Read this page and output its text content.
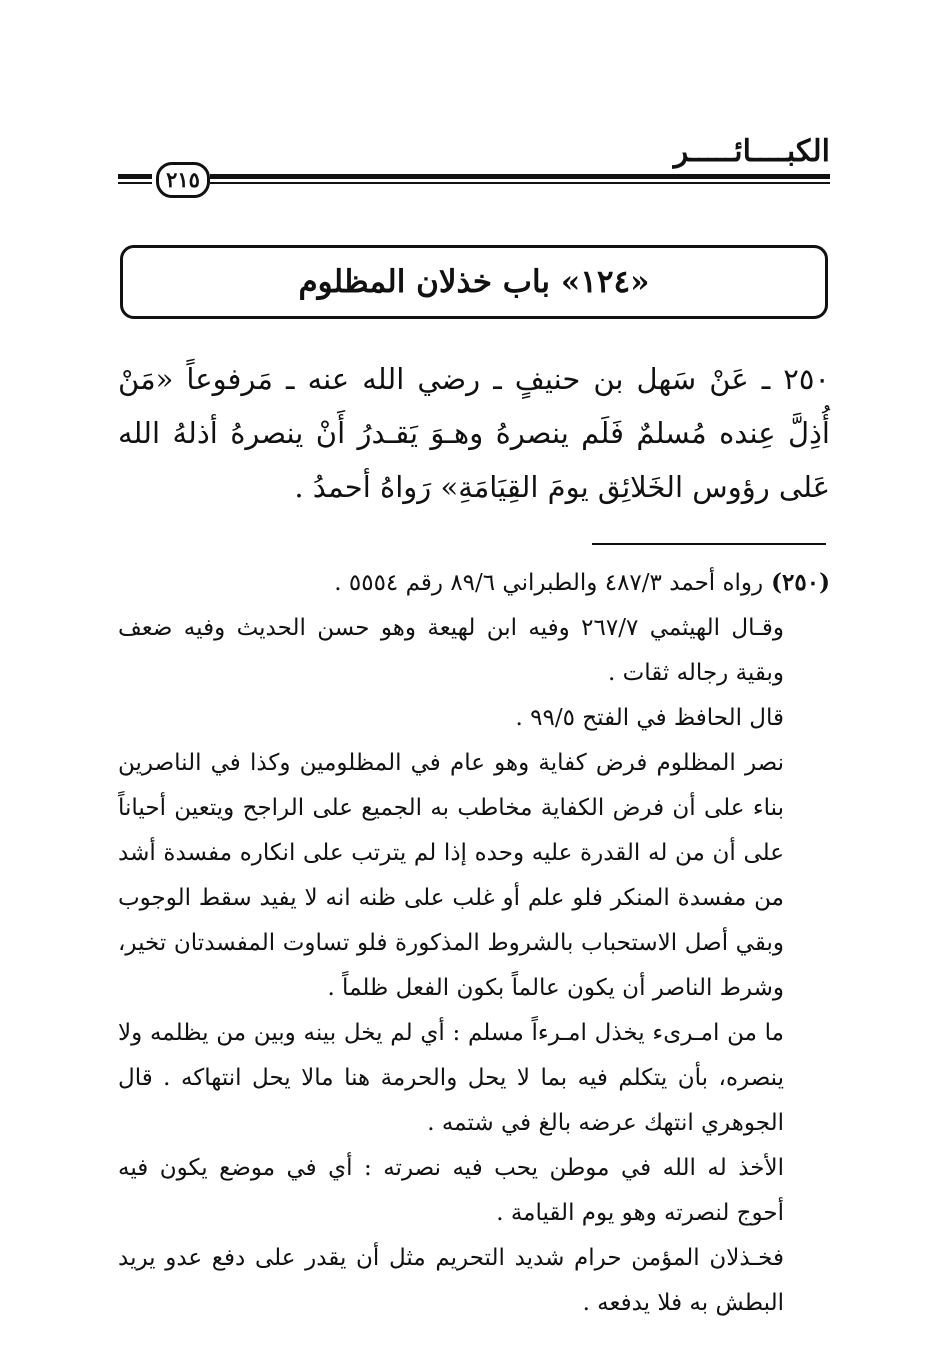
الكبــــائـــــر
٢١٥
«١٢٤» باب خذلان المظلوم

٢٥٠ ـ عَنْ سَهل بن حنيفٍ ـ رضي الله عنه ـ مَرفوعاً «مَنْ أُذِلَّ عِنده مُسلمٌ فَلَم ينصرهُ وهـوَ يَقـدرُ أَنْ ينصرهُ أذلهُ الله عَلى رؤوس الخَلائِق يومَ القِيَامَةِ» رَواهُ أحمدُ .

(٢٥٠)رواه أحمد ٤٨٧/٣ والطبراني ٨٩/٦ رقم ٥٥٥٤ .

وقـال الهيثمي ٢٦٧/٧ وفيه ابن لهيعة وهو حسن الحديث وفيه ضعف وبقية رجاله ثقات .

قال الحافظ في الفتح ٩٩/٥ .

نصر المظلوم فرض كفاية وهو عام في المظلومين وكذا في الناصرين بناء على أن فرض الكفاية مخاطب به الجميع على الراجح ويتعين أحياناً على أن من له القدرة عليه وحده إذا لم يترتب على انكاره مفسدة أشد من مفسدة المنكر فلو علم أو غلب على ظنه انه لا يفيد سقط الوجوب وبقي أصل الاستحباب بالشروط المذكورة فلو تساوت المفسدتان تخير، وشرط الناصر أن يكون عالماً بكون الفعل ظلماً .

ما من امـرىء يخذل امـرءاً مسلم : أي لم يخل بينه وبين من يظلمه ولا ينصره، بأن يتكلم فيه بما لا يحل والحرمة هنا مالا يحل انتهاكه . قال الجوهري انتهك عرضه بالغ في شتمه .

الأخذ له الله في موطن يحب فيه نصرته : أي في موضع يكون فيه أحوج لنصرته وهو يوم القيامة .

فخـذلان المؤمن حرام شديد التحريم مثل أن يقدر على دفع عدو يريد البطش به فلا يدفعه .
